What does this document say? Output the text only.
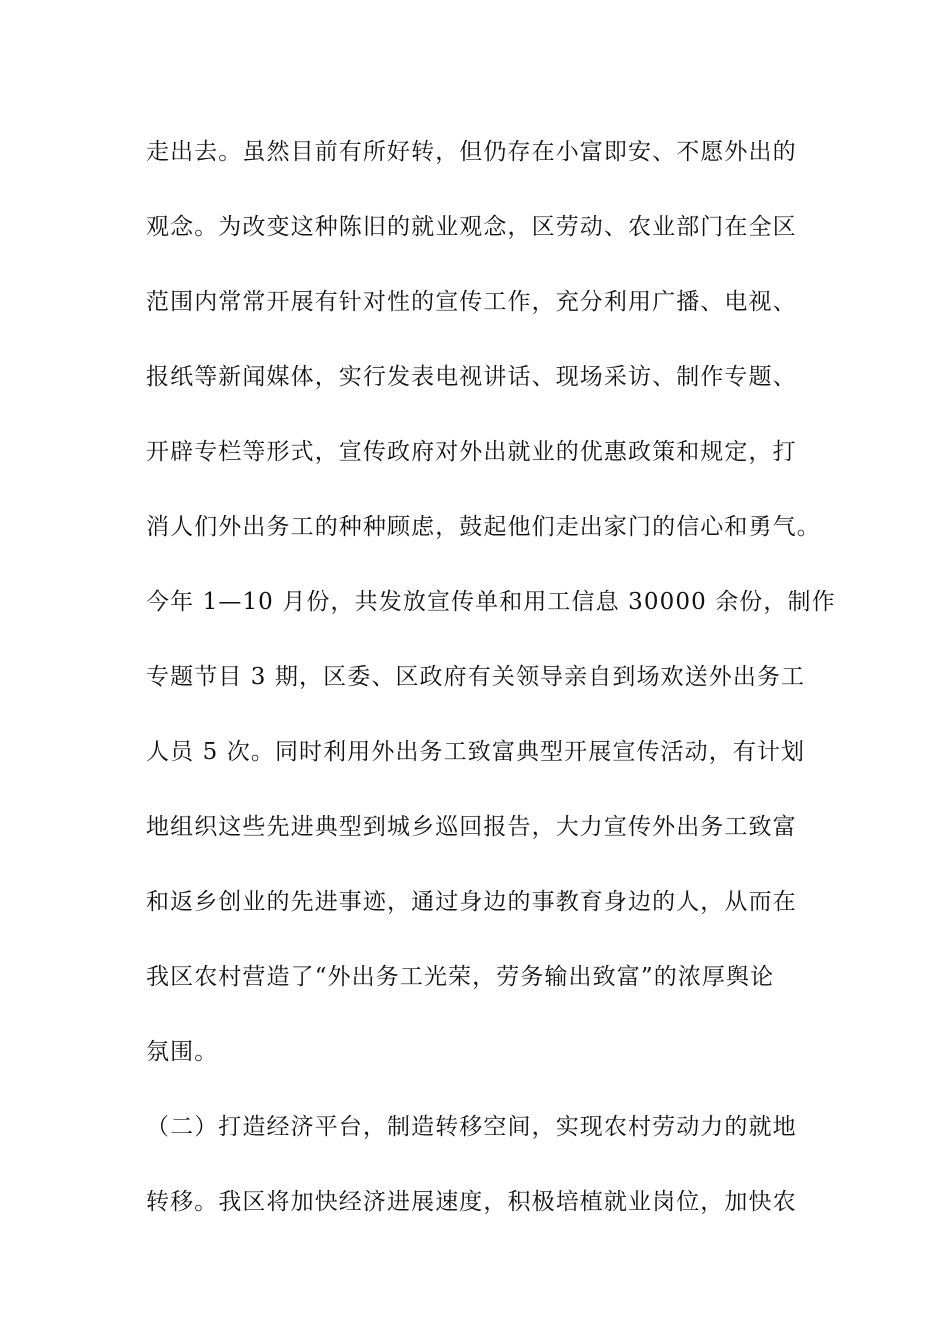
走出去。虽然目前有所好转，但仍存在小富即安、不愿外出的
观念。为改变这种陈旧的就业观念，区劳动、农业部门在全区
范围内常常开展有针对性的宣传工作，充分利用广播、电视、
报纸等新闻媒体，实行发表电视讲话、现场采访、制作专题、
开辟专栏等形式，宣传政府对外出就业的优惠政策和规定，打
消人们外出务工的种种顾虑，鼓起他们走出家门的信心和勇气。
今年 1—10 月份，共发放宣传单和用工信息 30000 余份，制作
专题节目 3 期，区委、区政府有关领导亲自到场欢送外出务工
人员 5 次。同时利用外出务工致富典型开展宣传活动，有计划
地组织这些先进典型到城乡巡回报告，大力宣传外出务工致富
和返乡创业的先进事迹，通过身边的事教育身边的人，从而在
我区农村营造了“外出务工光荣，劳务输出致富”的浓厚舆论
氛围。
（二）打造经济平台，制造转移空间，实现农村劳动力的就地
转移。我区将加快经济进展速度，积极培植就业岗位，加快农
